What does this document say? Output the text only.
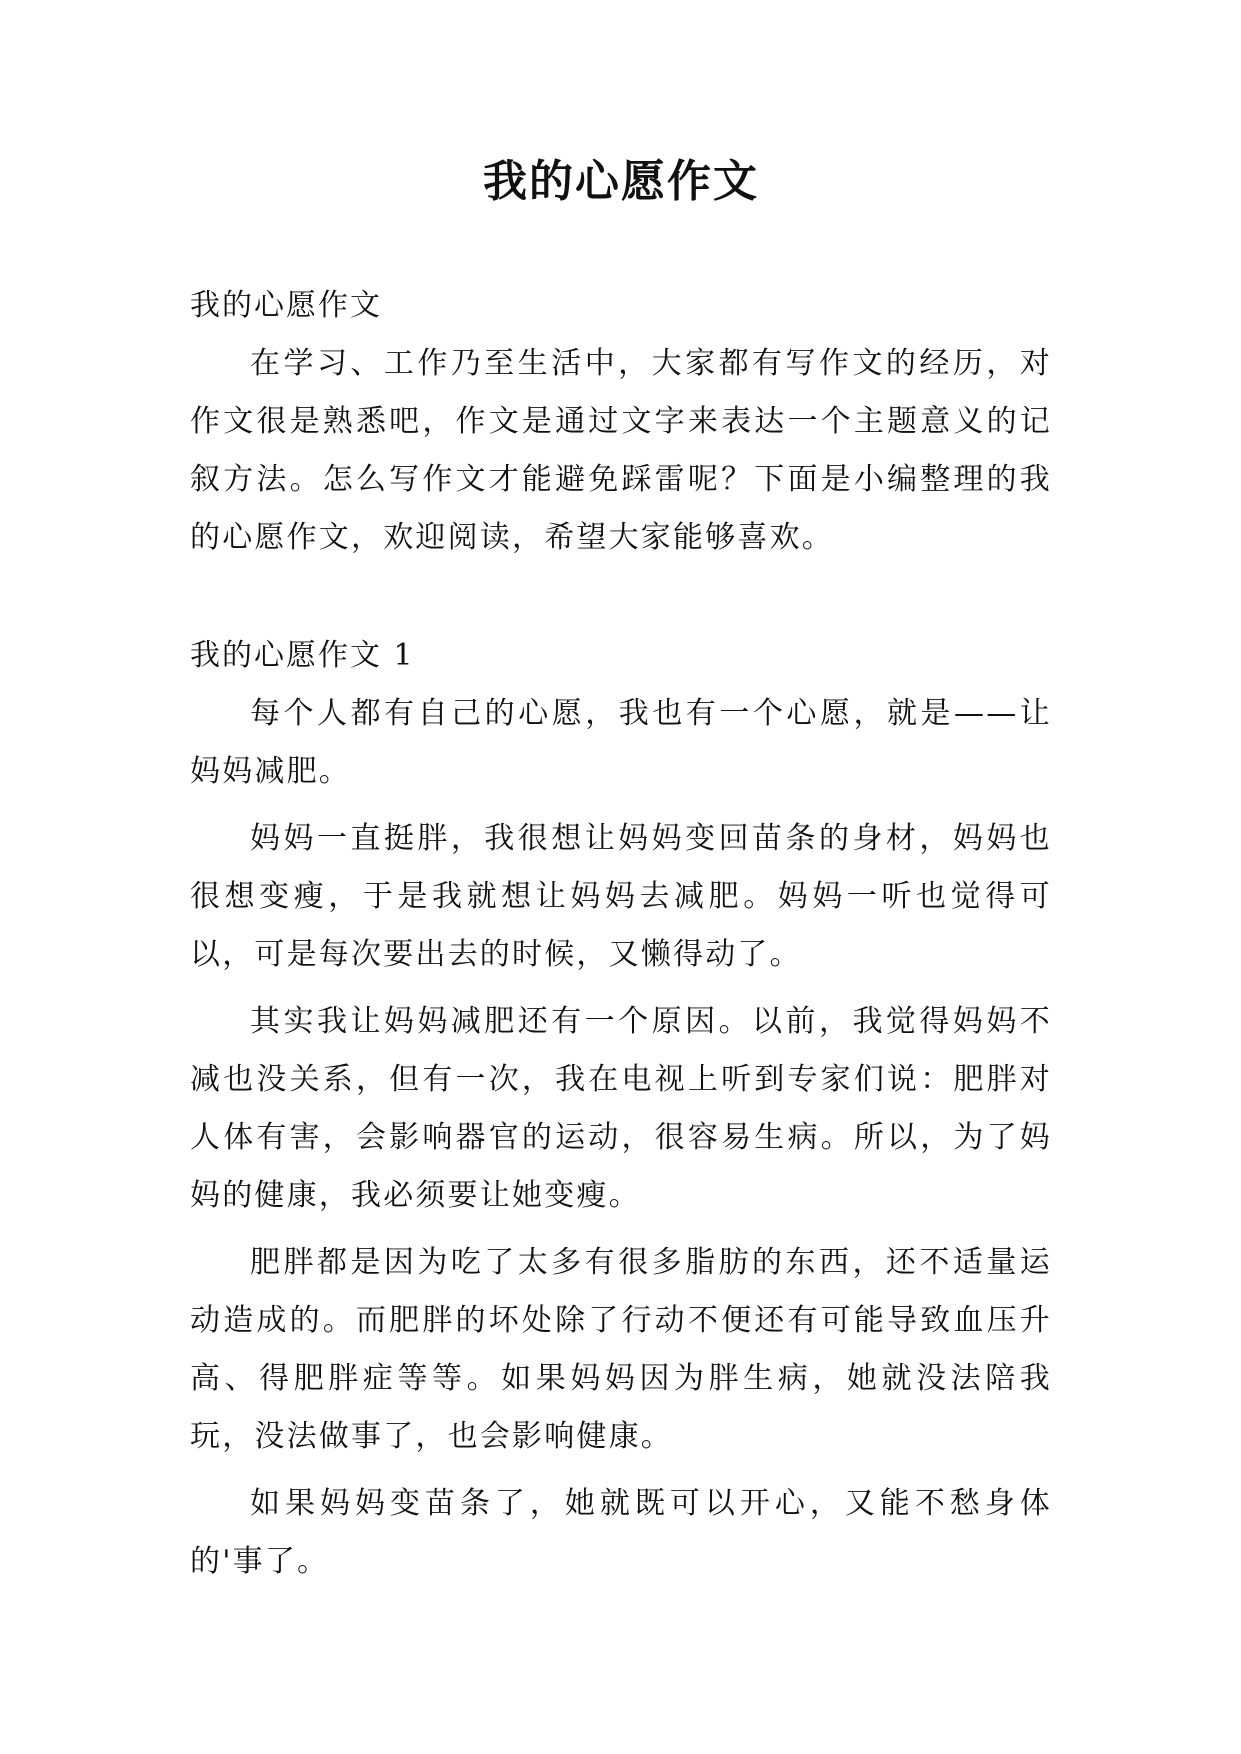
我的心愿作文
我的心愿作文

在学习、工作乃至生活中，大家都有写作文的经历，对作文很是熟悉吧，作文是通过文字来表达一个主题意义的记叙方法。怎么写作文才能避免踩雷呢？下面是小编整理的我的心愿作文，欢迎阅读，希望大家能够喜欢。

我的心愿作文 1

每个人都有自己的心愿，我也有一个心愿，就是——让妈妈减肥。

妈妈一直挺胖，我很想让妈妈变回苗条的身材，妈妈也很想变瘦，于是我就想让妈妈去减肥。妈妈一听也觉得可以，可是每次要出去的时候，又懒得动了。

其实我让妈妈减肥还有一个原因。以前，我觉得妈妈不减也没关系，但有一次，我在电视上听到专家们说：肥胖对人体有害，会影响器官的运动，很容易生病。所以，为了妈妈的健康，我必须要让她变瘦。

肥胖都是因为吃了太多有很多脂肪的东西，还不适量运动造成的。而肥胖的坏处除了行动不便还有可能导致血压升高、得肥胖症等等。如果妈妈因为胖生病，她就没法陪我玩，没法做事了，也会影响健康。

如果妈妈变苗条了，她就既可以开心，又能不愁身体的'事了。
